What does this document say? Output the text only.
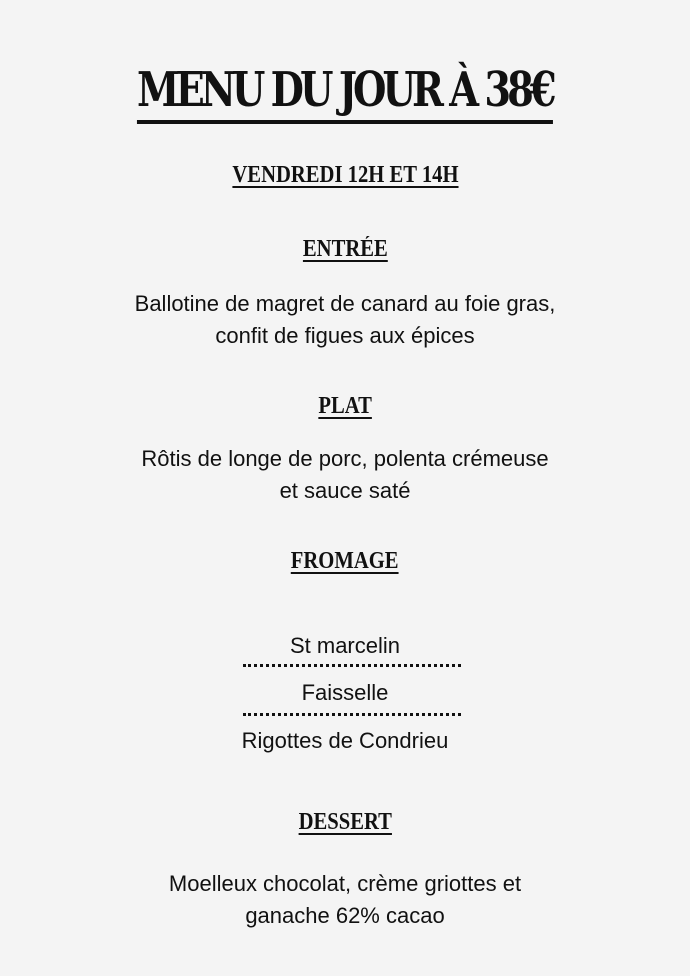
MENU DU JOUR À 38€
VENDREDI 12H ET 14H
ENTRÉE
Ballotine de magret de canard au foie gras,
confit de figues aux épices
PLAT
Rôtis de longe de porc, polenta crémeuse
et sauce saté
FROMAGE
St marcelin
Faisselle
Rigottes de Condrieu
DESSERT
Moelleux chocolat, crème griottes et
ganache 62% cacao
